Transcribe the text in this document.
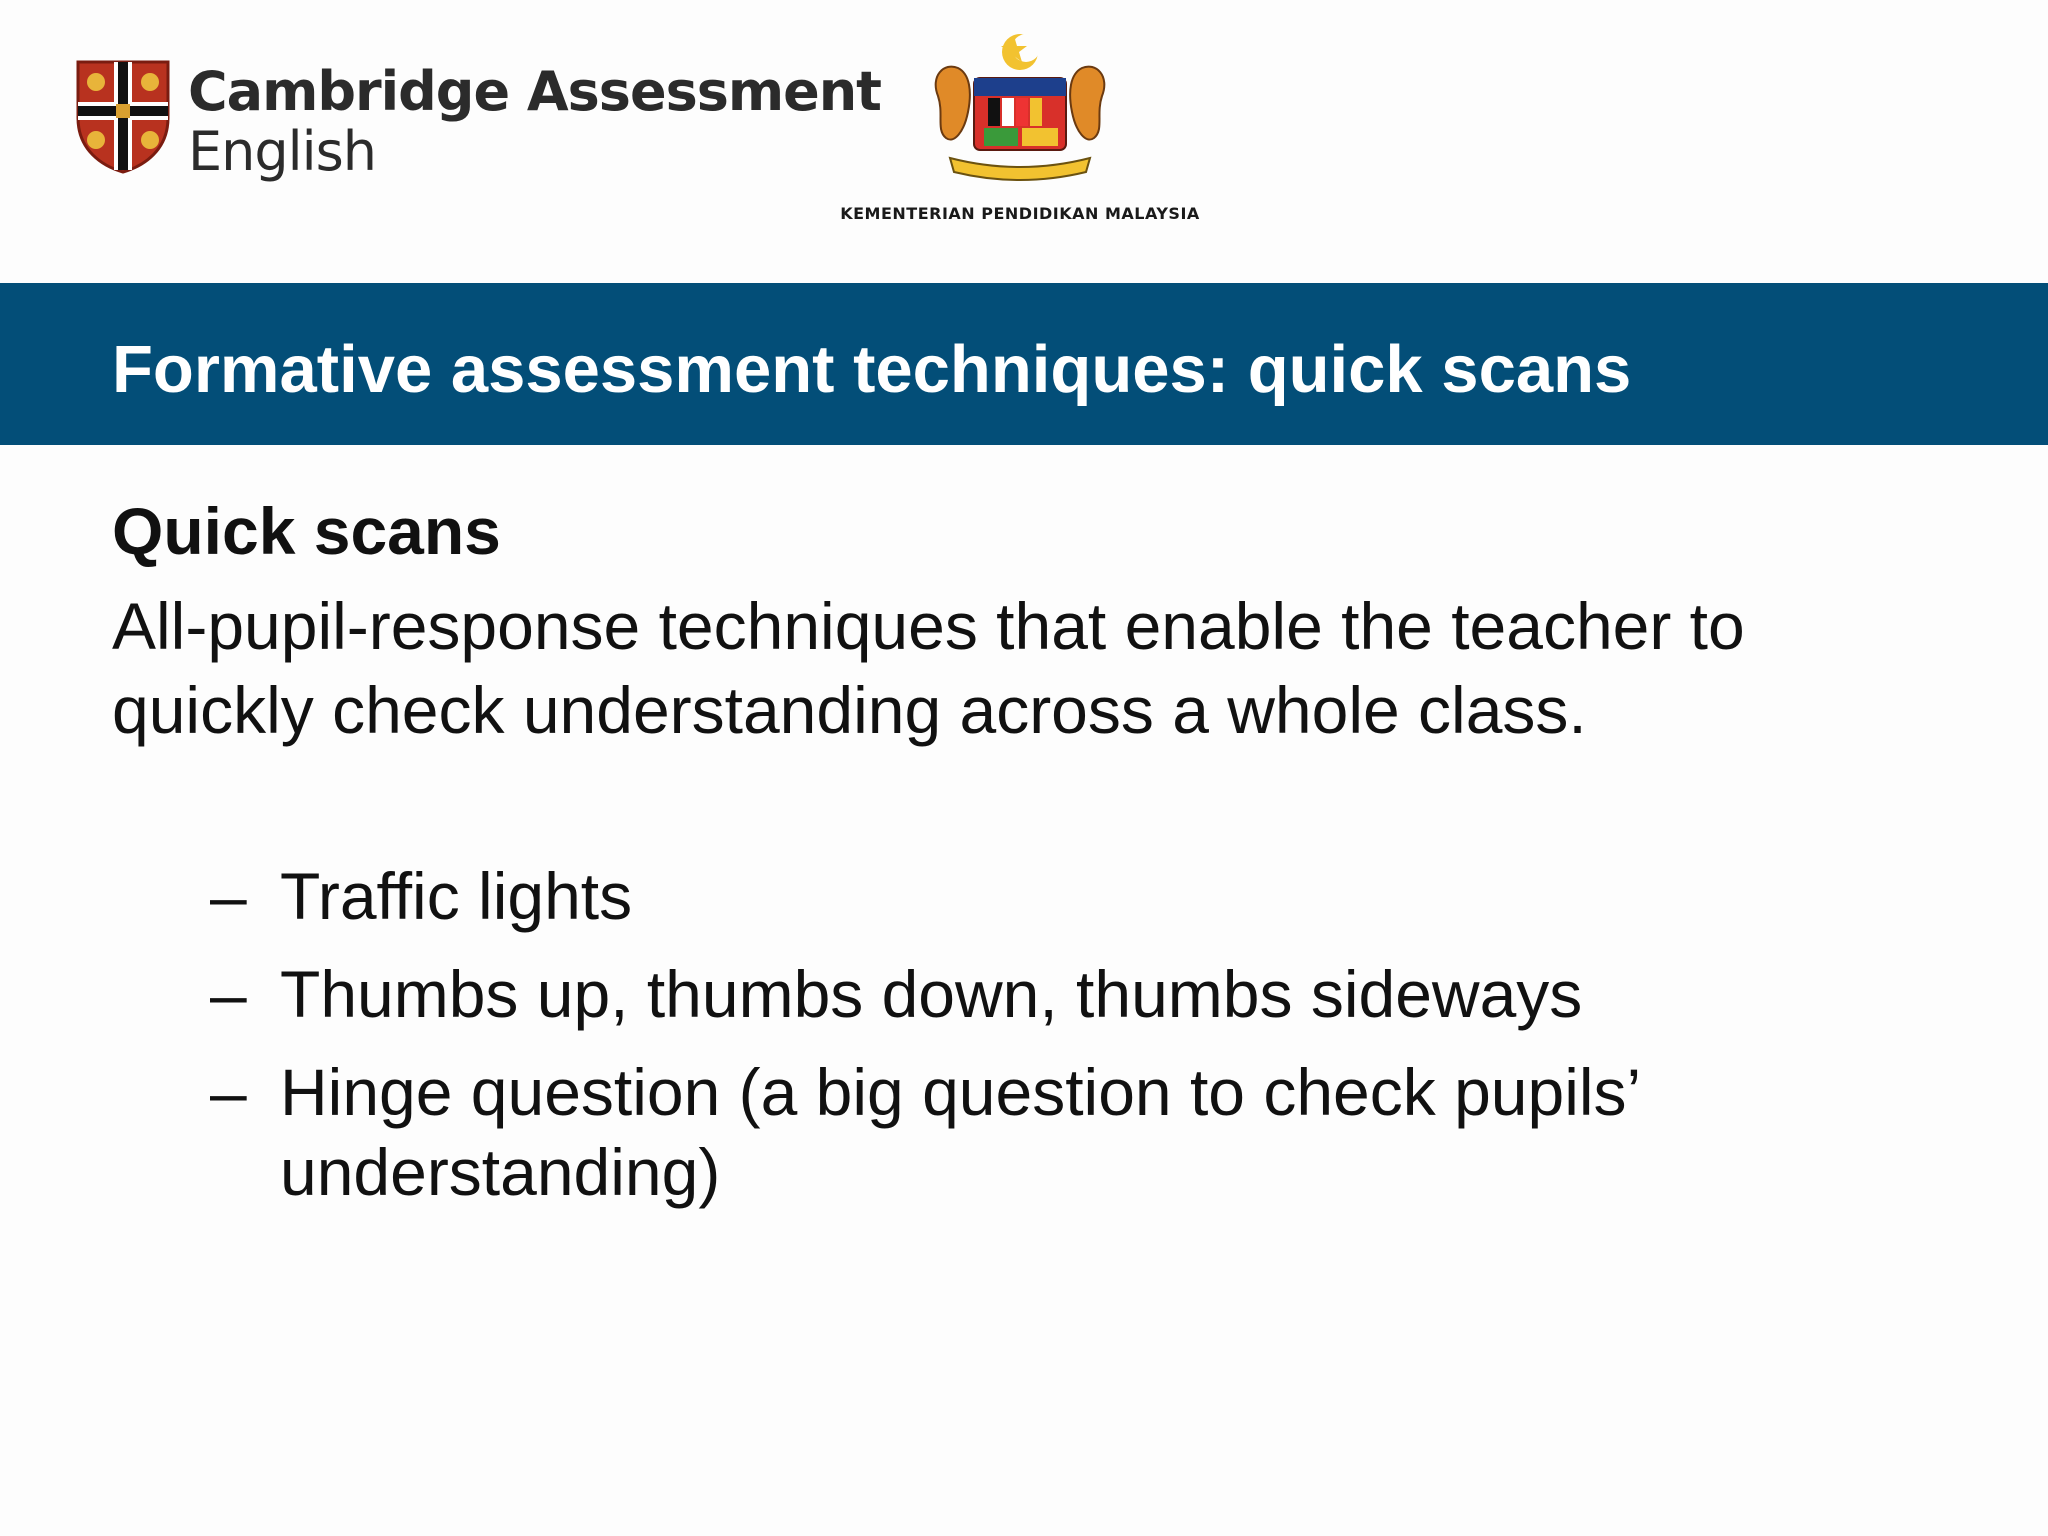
Cambridge Assessment
English
KEMENTERIAN PENDIDIKAN MALAYSIA
Formative assessment techniques: quick scans

Quick scans

All-pupil-response techniques that enable the teacher to quickly check understanding across a whole class.

– Traffic lights
– Thumbs up, thumbs down, thumbs sideways
– Hinge question (a big question to check pupils’ understanding)
